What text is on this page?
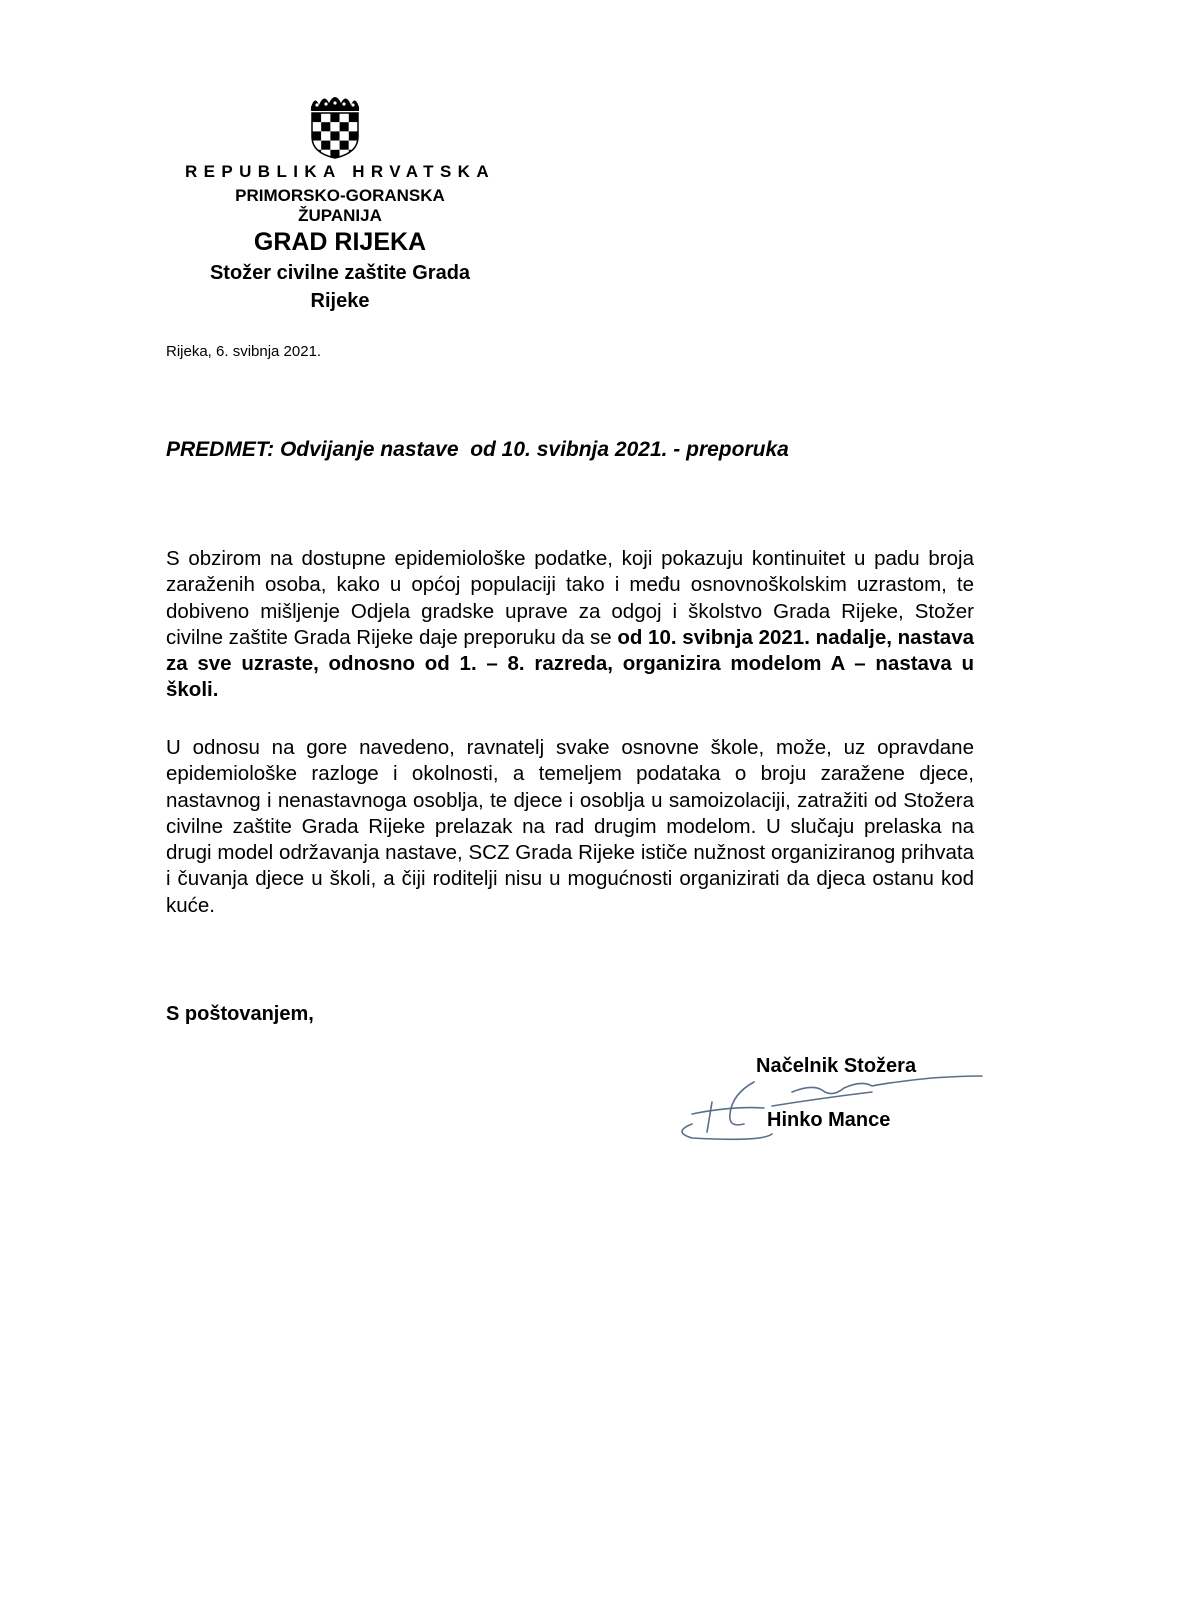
REPUBLIKA HRVATSKA
PRIMORSKO-GORANSKA
ŽUPANIJA
GRAD RIJEKA
Stožer civilne zaštite Grada
Rijeke
Rijeka, 6. svibnja 2021.
PREDMET: Odvijanje nastave  od 10. svibnja 2021. - preporuka
S obzirom na dostupne epidemiološke podatke, koji pokazuju kontinuitet u padu broja zaraženih osoba, kako u općoj populaciji tako i među osnovnoškolskim uzrastom, te dobiveno mišljenje Odjela gradske uprave za odgoj i školstvo Grada Rijeke, Stožer civilne zaštite Grada Rijeke daje preporuku da se od 10. svibnja 2021. nadalje, nastava za sve uzraste, odnosno od 1. – 8. razreda, organizira modelom A – nastava u školi.
U odnosu na gore navedeno, ravnatelj svake osnovne škole, može, uz opravdane epidemiološke razloge i okolnosti, a temeljem podataka o broju zaražene djece, nastavnog i nenastavnoga osoblja, te djece i osoblja u samoizolaciji, zatražiti od Stožera civilne zaštite Grada Rijeke prelazak na rad drugim modelom. U slučaju prelaska na drugi model održavanja nastave, SCZ Grada Rijeke ističe nužnost organiziranog prihvata i čuvanja djece u školi, a čiji roditelji nisu u mogućnosti organizirati da djeca ostanu kod kuće.
S poštovanjem,
Načelnik Stožera
Hinko Mance
